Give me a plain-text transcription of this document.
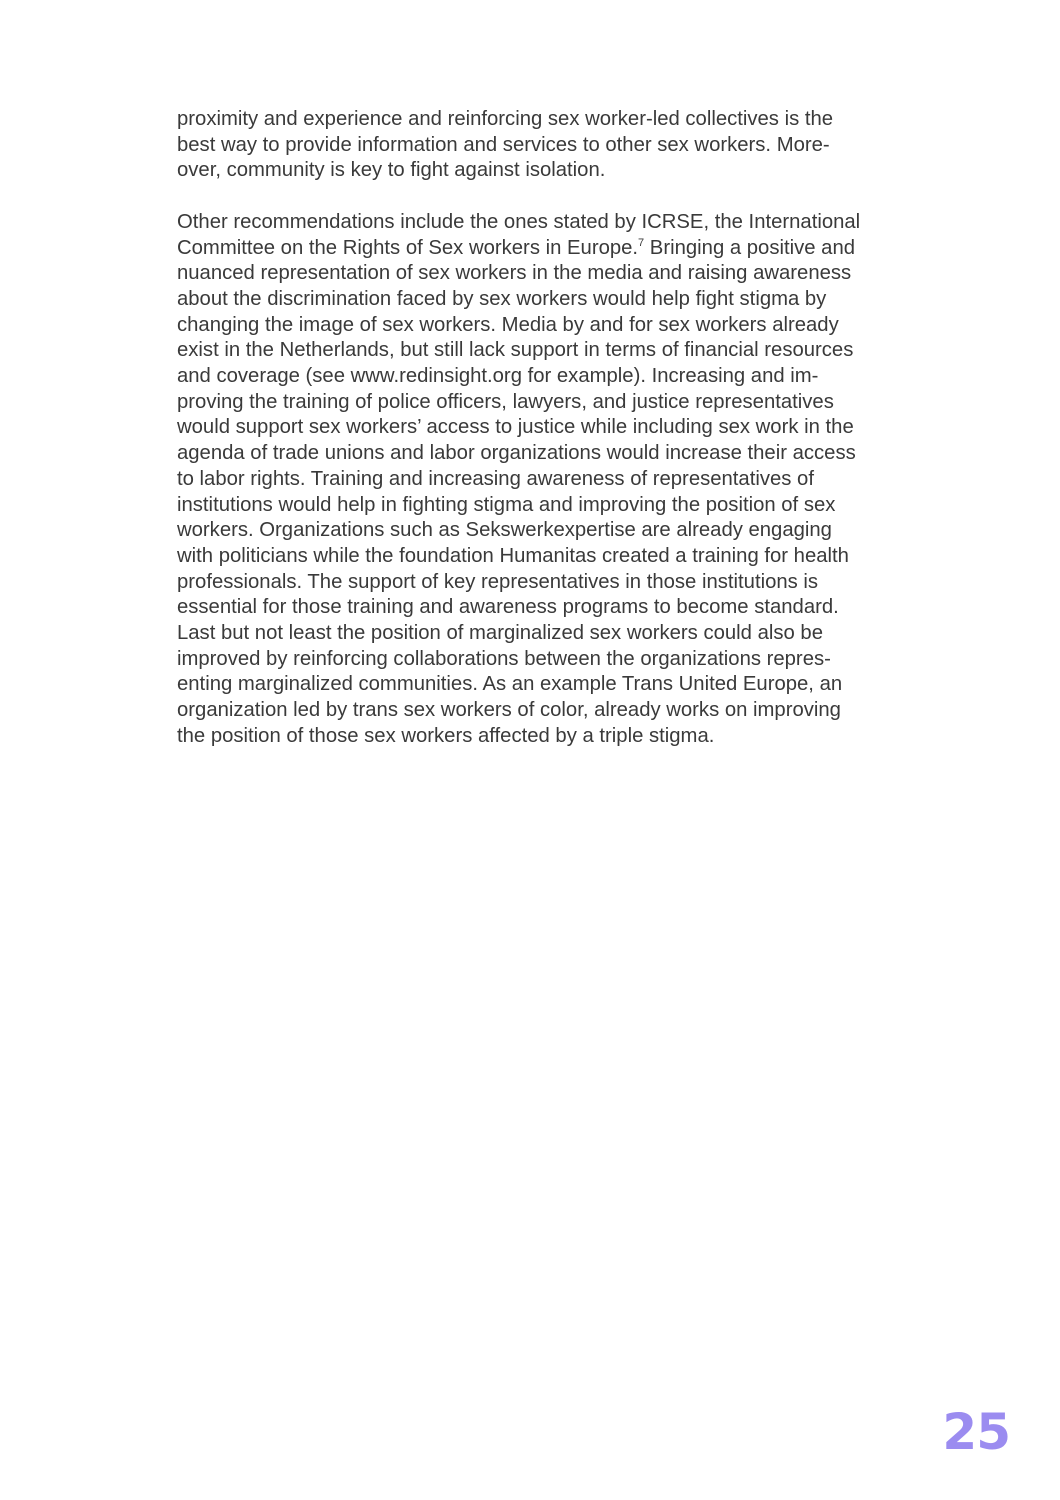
proximity and experience and reinforcing sex worker-led collectives is the
best way to provide information and services to other sex workers. More-
over, community is key to fight against isolation.
Other recommendations include the ones stated by ICRSE, the International
Committee on the Rights of Sex workers in Europe.$^7$ Bringing a positive and
nuanced representation of sex workers in the media and raising awareness
about the discrimination faced by sex workers would help fight stigma by
changing the image of sex workers. Media by and for sex workers already
exist in the Netherlands, but still lack support in terms of financial resources
and coverage (see www.redinsight.org for example). Increasing and im-
proving the training of police officers, lawyers, and justice representatives
would support sex workers’ access to justice while including sex work in the
agenda of trade unions and labor organizations would increase their access
to labor rights. Training and increasing awareness of representatives of
institutions would help in fighting stigma and improving the position of sex
workers. Organizations such as Sekswerkexpertise are already engaging
with politicians while the foundation Humanitas created a training for health
professionals. The support of key representatives in those institutions is
essential for those training and awareness programs to become standard.
Last but not least the position of marginalized sex workers could also be
improved by reinforcing collaborations between the organizations repres-
enting marginalized communities. As an example Trans United Europe, an
organization led by trans sex workers of color, already works on improving
the position of those sex workers affected by a triple stigma.
25
